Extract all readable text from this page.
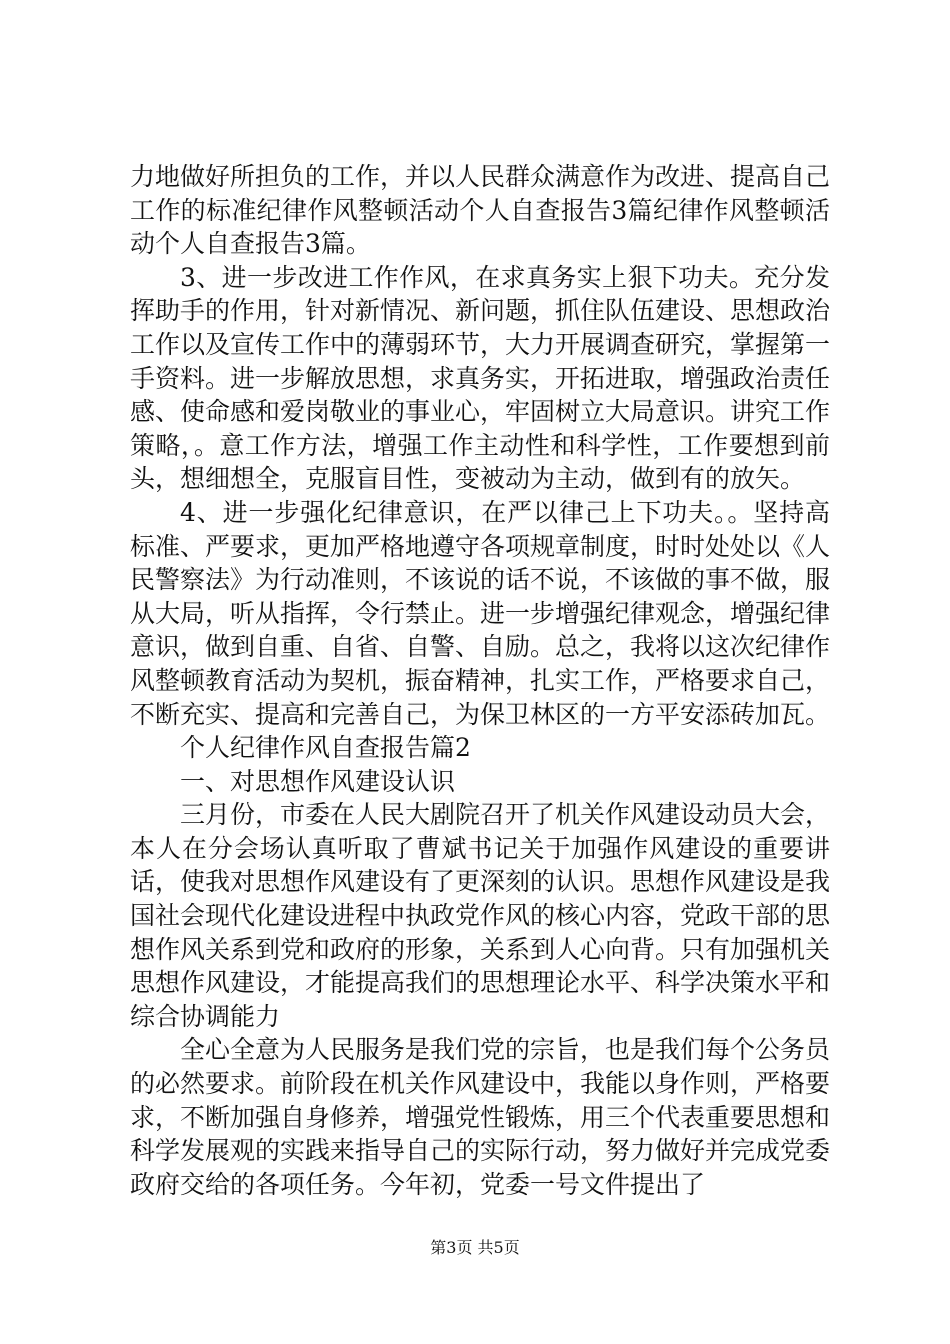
力地做好所担负的工作，并以人民群众满意作为改进、提高自己工作的标准纪律作风整顿活动个人自查报告3篇纪律作风整顿活动个人自查报告3篇。

3、进一步改进工作作风，在求真务实上狠下功夫。充分发挥助手的作用，针对新情况、新问题，抓住队伍建设、思想政治工作以及宣传工作中的薄弱环节，大力开展调查研究，掌握第一手资料。进一步解放思想，求真务实，开拓进取，增强政治责任感、使命感和爱岗敬业的事业心，牢固树立大局意识。讲究工作策略，。意工作方法，增强工作主动性和科学性，工作要想到前头，想细想全，克服盲目性，变被动为主动，做到有的放矢。

4、进一步强化纪律意识，在严以律己上下功夫。。坚持高标准、严要求，更加严格地遵守各项规章制度，时时处处以《人民警察法》为行动准则，不该说的话不说，不该做的事不做，服从大局，听从指挥，令行禁止。进一步增强纪律观念，增强纪律意识，做到自重、自省、自警、自励。总之，我将以这次纪律作风整顿教育活动为契机，振奋精神，扎实工作，严格要求自己，不断充实、提高和完善自己，为保卫林区的一方平安添砖加瓦。

个人纪律作风自查报告篇2

一、对思想作风建设认识

三月份，市委在人民大剧院召开了机关作风建设动员大会，本人在分会场认真听取了曹斌书记关于加强作风建设的重要讲话，使我对思想作风建设有了更深刻的认识。思想作风建设是我国社会现代化建设进程中执政党作风的核心内容，党政干部的思想作风关系到党和政府的形象，关系到人心向背。只有加强机关思想作风建设，才能提高我们的思想理论水平、科学决策水平和综合协调能力

全心全意为人民服务是我们党的宗旨，也是我们每个公务员的必然要求。前阶段在机关作风建设中，我能以身作则，严格要求，不断加强自身修养，增强党性锻炼，用三个代表重要思想和科学发展观的实践来指导自己的实际行动，努力做好并完成党委政府交给的各项任务。今年初，党委一号文件提出了

第3页 共5页
